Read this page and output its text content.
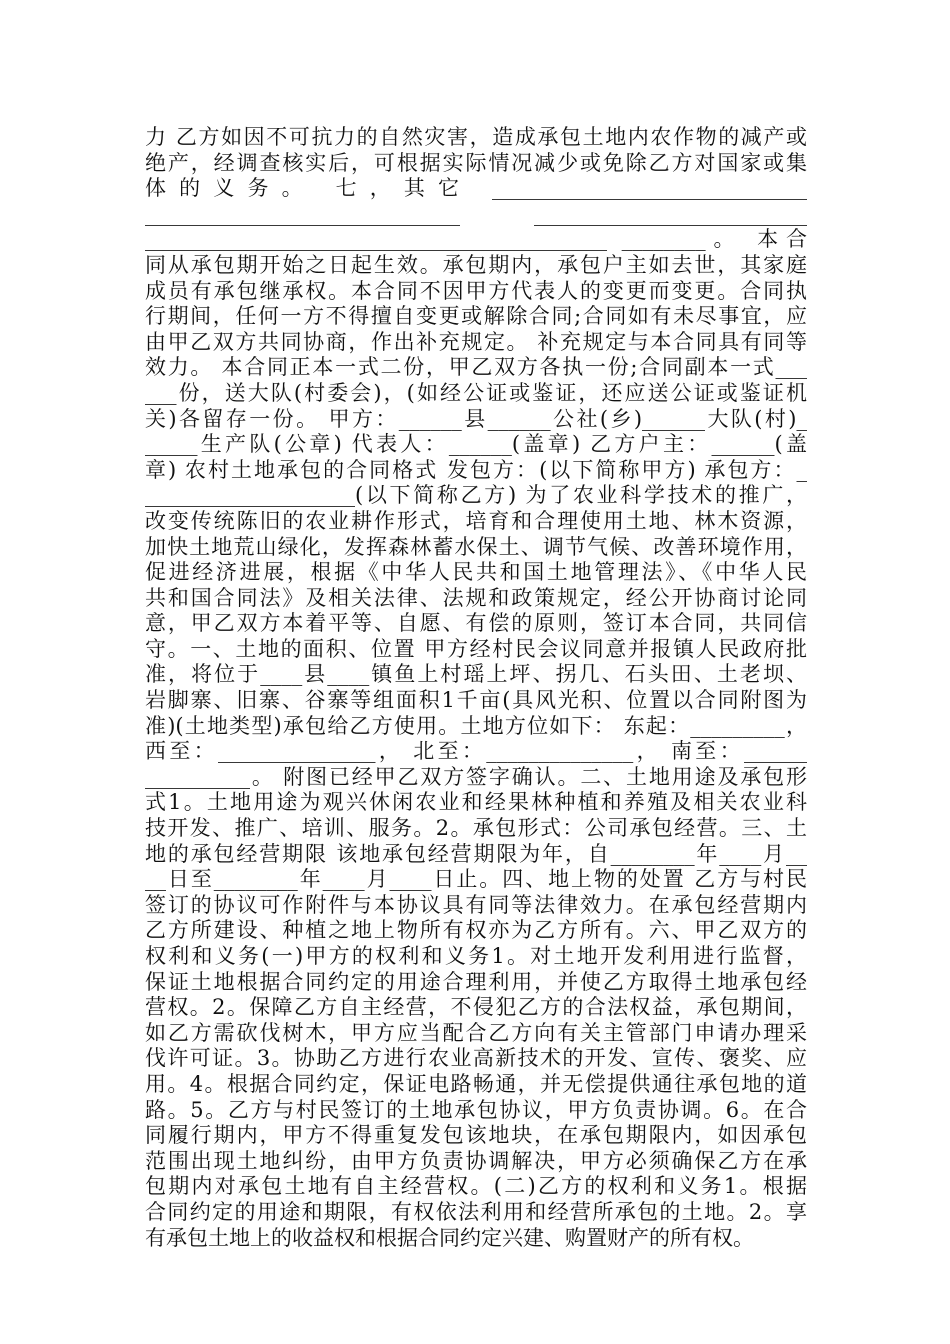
力 乙方如因不可抗力的自然灾害，造成承包土地内农作物的减产或
绝产，经调查核实后，可根据实际情况减少或免除乙方对国家或集
体的义务。 七，其它 ______________________________
______________________________ __________________________
____________________________________________ ________。 本合
同从承包期开始之日起生效。承包期内，承包户主如去世，其家庭
成员有承包继承权。本合同不因甲方代表人的变更而变更。合同执
行期间，任何一方不得擅自变更或解除合同;合同如有未尽事宜，应
由甲乙双方共同协商，作出补充规定。 补充规定与本合同具有同等
效力。 本合同正本一式二份，甲乙双方各执一份;合同副本一式___
___份，送大队(村委会)，(如经公证或鉴证，还应送公证或鉴证机
关)各留存一份。 甲方：______县______公社(乡)______大队(村)_
_____生产队(公章) 代表人：______(盖章) 乙方户主：______(盖
章) 农村土地承包的合同格式 发包方：(以下简称甲方) 承包方：_
____________________(以下简称乙方) 为了农业科学技术的推广，
改变传统陈旧的农业耕作形式，培育和合理使用土地、林木资源，
加快土地荒山绿化，发挥森林蓄水保土、调节气候、改善环境作用，
促进经济进展，根据《中华人民共和国土地管理法》、《中华人民
共和国合同法》及相关法律、法规和政策规定，经公开协商讨论同
意，甲乙双方本着平等、自愿、有偿的原则，签订本合同，共同信
守。一、土地的面积、位置 甲方经村民会议同意并报镇人民政府批
准，将位于____县____镇鱼上村瑶上坪、拐几、石头田、土老坝、
岩脚寨、旧寨、谷寨等组面积1千亩(具风光积、位置以合同附图为
准)(土地类型)承包给乙方使用。土地方位如下： 东起：_________，
西至：_______________， 北至：______________， 南至：______
__________。 附图已经甲乙双方签字确认。二、土地用途及承包形
式1。土地用途为观兴休闲农业和经果林种植和养殖及相关农业科
技开发、推广、培训、服务。2。承包形式：公司承包经营。三、土
地的承包经营期限 该地承包经营期限为年，自________年____月__
__日至________年____月____日止。四、地上物的处置 乙方与村民
签订的协议可作附件与本协议具有同等法律效力。在承包经营期内
乙方所建设、种植之地上物所有权亦为乙方所有。六、甲乙双方的
权利和义务(一)甲方的权利和义务1。对土地开发利用进行监督，
保证土地根据合同约定的用途合理利用，并使乙方取得土地承包经
营权。2。保障乙方自主经营，不侵犯乙方的合法权益，承包期间，
如乙方需砍伐树木，甲方应当配合乙方向有关主管部门申请办理采
伐许可证。3。协助乙方进行农业高新技术的开发、宣传、褒奖、应
用。4。根据合同约定，保证电路畅通，并无偿提供通往承包地的道
路。5。乙方与村民签订的土地承包协议，甲方负责协调。6。在合
同履行期内，甲方不得重复发包该地块，在承包期限内，如因承包
范围出现土地纠纷，由甲方负责协调解决，甲方必须确保乙方在承
包期内对承包土地有自主经营权。(二)乙方的权利和义务1。根据
合同约定的用途和期限，有权依法利用和经营所承包的土地。2。享
有承包土地上的收益权和根据合同约定兴建、购置财产的所有权。
